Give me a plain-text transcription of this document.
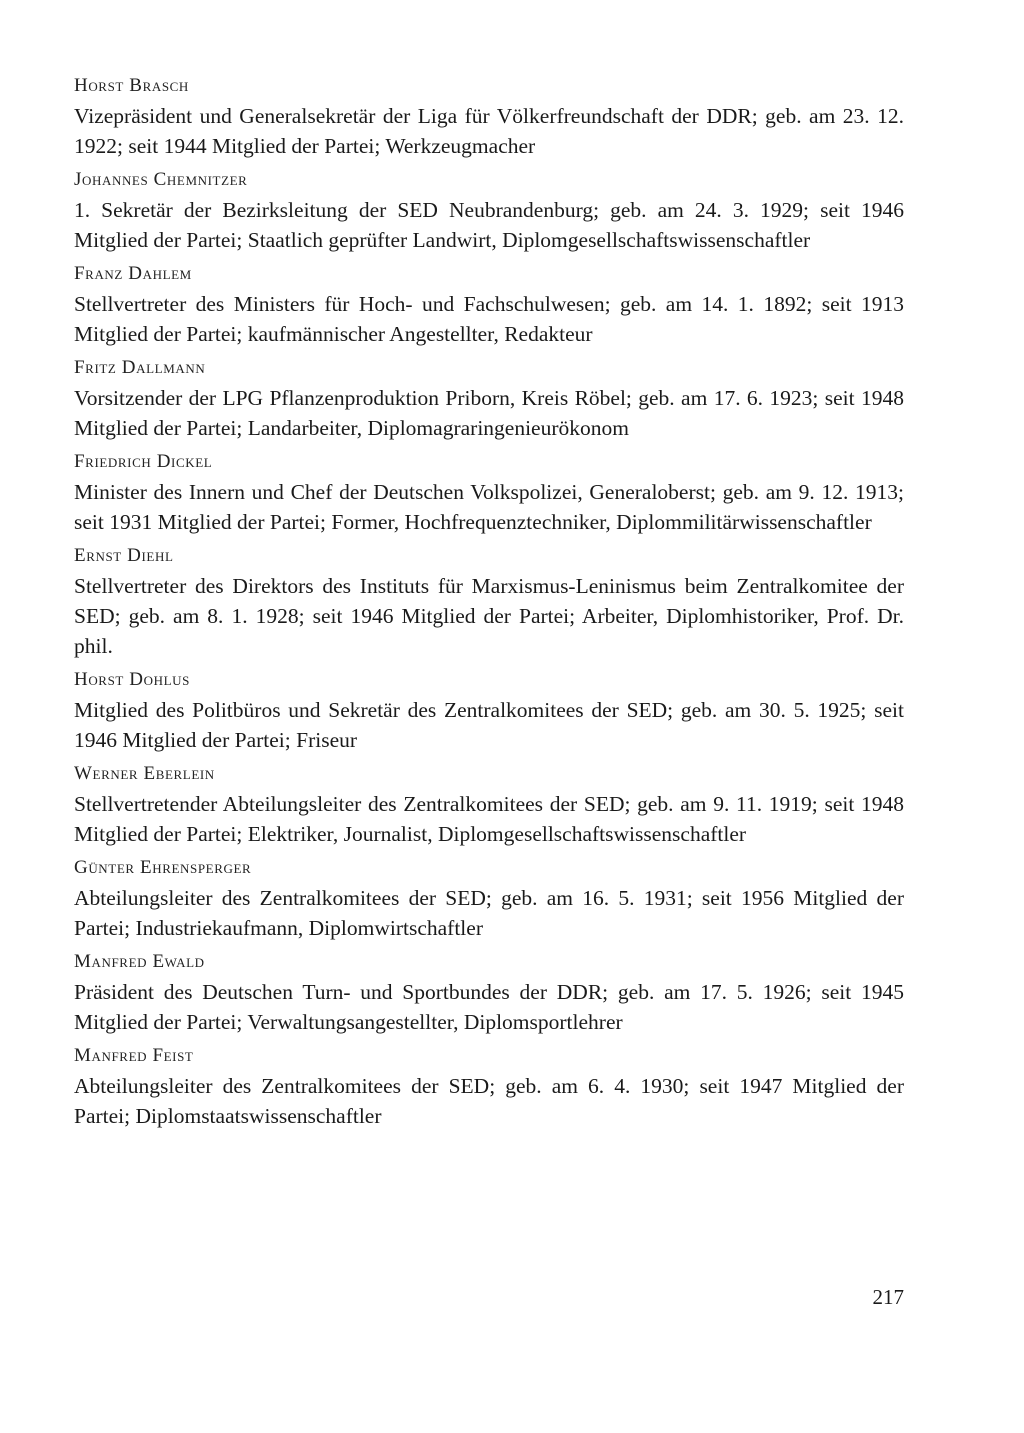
Horst Brasch

Vizepräsident und Generalsekretär der Liga für Völkerfreundschaft der DDR; geb. am 23. 12. 1922; seit 1944 Mitglied der Partei; Werkzeugmacher

Johannes Chemnitzer

1. Sekretär der Bezirksleitung der SED Neubrandenburg; geb. am 24. 3. 1929; seit 1946 Mitglied der Partei; Staatlich geprüfter Landwirt, Diplomgesellschaftswissenschaftler

Franz Dahlem

Stellvertreter des Ministers für Hoch- und Fachschulwesen; geb. am 14. 1. 1892; seit 1913 Mitglied der Partei; kaufmännischer Angestellter, Redakteur

Fritz Dallmann

Vorsitzender der LPG Pflanzenproduktion Priborn, Kreis Röbel; geb. am 17. 6. 1923; seit 1948 Mitglied der Partei; Landarbeiter, Diplomagraringenieurökonom

Friedrich Dickel

Minister des Innern und Chef der Deutschen Volkspolizei, Generaloberst; geb. am 9. 12. 1913; seit 1931 Mitglied der Partei; Former, Hochfrequenztechniker, Diplommilitärwissenschaftler

Ernst Diehl

Stellvertreter des Direktors des Instituts für Marxismus-Leninismus beim Zentralkomitee der SED; geb. am 8. 1. 1928; seit 1946 Mitglied der Partei; Arbeiter, Diplomhistoriker, Prof. Dr. phil.

Horst Dohlus

Mitglied des Politbüros und Sekretär des Zentralkomitees der SED; geb. am 30. 5. 1925; seit 1946 Mitglied der Partei; Friseur

Werner Eberlein

Stellvertretender Abteilungsleiter des Zentralkomitees der SED; geb. am 9. 11. 1919; seit 1948 Mitglied der Partei; Elektriker, Journalist, Diplomgesellschaftswissenschaftler

Günter Ehrensperger

Abteilungsleiter des Zentralkomitees der SED; geb. am 16. 5. 1931; seit 1956 Mitglied der Partei; Industriekaufmann, Diplomwirtschaftler

Manfred Ewald

Präsident des Deutschen Turn- und Sportbundes der DDR; geb. am 17. 5. 1926; seit 1945 Mitglied der Partei; Verwaltungsangestellter, Diplomsportlehrer

Manfred Feist

Abteilungsleiter des Zentralkomitees der SED; geb. am 6. 4. 1930; seit 1947 Mitglied der Partei; Diplomstaatswissenschaftler

217
